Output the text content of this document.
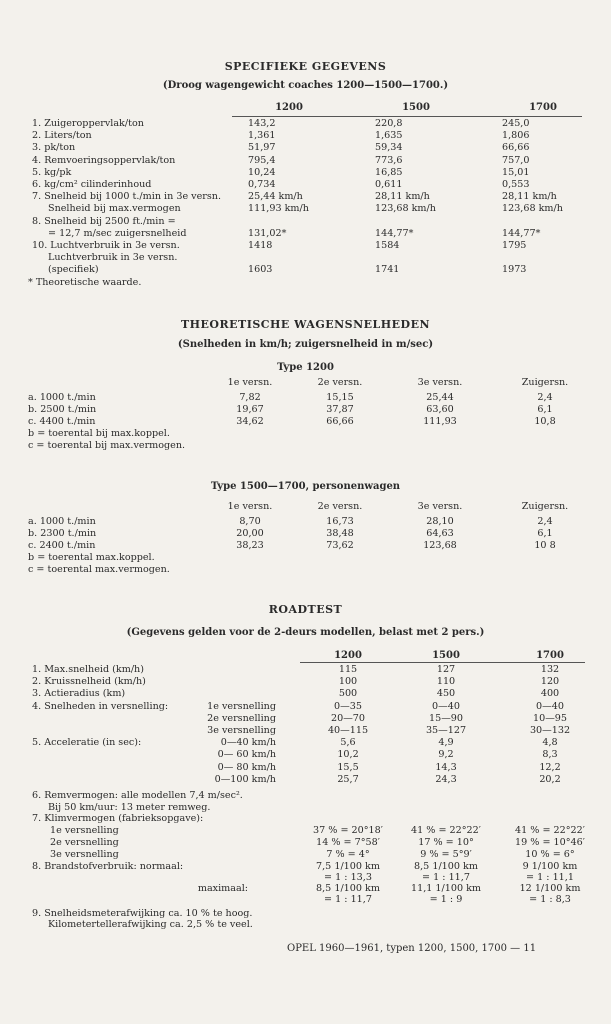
SPECIFIEKE GEGEVENS
(Droog wagengewicht coaches 1200—1500—1700.)
1200	1500	1700
1. Zuigeroppervlak/ton	143,2	220,8	245,0
2. Liters/ton	1,361	1,635	1,806
3. pk/ton	51,97	59,34	66,66
4. Remvoeringsoppervlak/ton	795,4	773,6	757,0
5. kg/pk	10,24	16,85	15,01
6. kg/cm² cilinderinhoud	0,734	0,611	0,553
7. Snelheid bij 1000 t./min in 3e versn.	25,44 km/h	28,11 km/h	28,11 km/h
Snelheid bij max.vermogen	111,93 km/h	123,68 km/h	123,68 km/h
8. Snelheid bij 2500 ft./min =
= 12,7 m/sec zuigersnelheid	131,02*	144,77*	144,77*
10. Luchtverbruik in 3e versn.	1418	1584	1795
Luchtverbruik in 3e versn.
(specifiek)	1603	1741	1973
* Theoretische waarde.
THEORETISCHE WAGENSNELHEDEN
(Snelheden in km/h; zuigersnelheid in m/sec)
Type 1200
1e versn.	2e versn.	3e versn.	Zuigersn.
a. 1000 t./min	7,82	15,15	25,44	2,4
b. 2500 t./min	19,67	37,87	63,60	6,1
c. 4400 t./min	34,62	66,66	111,93	10,8
b = toerental bij max.koppel.
c = toerental bij max.vermogen.
Type 1500—1700, personenwagen
1e versn.	2e versn.	3e versn.	Zuigersn.
a. 1000 t./min	8,70	16,73	28,10	2,4
b. 2300 t./min	20,00	38,48	64,63	6,1
c. 2400 t./min	38,23	73,62	123,68	10 8
b = toerental max.koppel.
c = toerental max.vermogen.
ROADTEST
(Gegevens gelden voor de 2-deurs modellen, belast met 2 pers.)
1200	1500	1700
1. Max.snelheid (km/h)	115	127	132
2. Kruissnelheid (km/h)	100	110	120
3. Actieradius (km)	500	450	400
4. Snelheden in versnelling:	1e versnelling	0—35	0—40	0—40
2e versnelling	20—70	15—90	10—95
3e versnelling	40—115	35—127	30—132
5. Acceleratie (in sec):	0—40 km/h	5,6	4,9	4,8
0— 60 km/h	10,2	9,2	8,3
0— 80 km/h	15,5	14,3	12,2
0—100 km/h	25,7	24,3	20,2
6. Remvermogen: alle modellen 7,4 m/sec².
Bij 50 km/uur: 13 meter remweg.
7. Klimvermogen (fabrieksopgave):
1e versnelling	37 % = 20°18′	41 % = 22°22′	41 % = 22°22′
2e versnelling	14 % = 7°58′	17 % = 10°	19 % = 10°46′
3e versnelling	7 % = 4°	9 % = 5°9′	10 % = 6°
8. Brandstofverbruik: normaal:	7,5 1/100 km	8,5 1/100 km	9 1/100 km
= 1 : 13,3	= 1 : 11,7	= 1 : 11,1
maximaal:	8,5 1/100 km	11,1 1/100 km	12 1/100 km
= 1 : 11,7	= 1 : 9	= 1 : 8,3
9. Snelheidsmeterafwijking ca. 10 % te hoog.
Kilometertellerafwijking ca. 2,5 % te veel.
OPEL 1960—1961, typen 1200, 1500, 1700 — 11
